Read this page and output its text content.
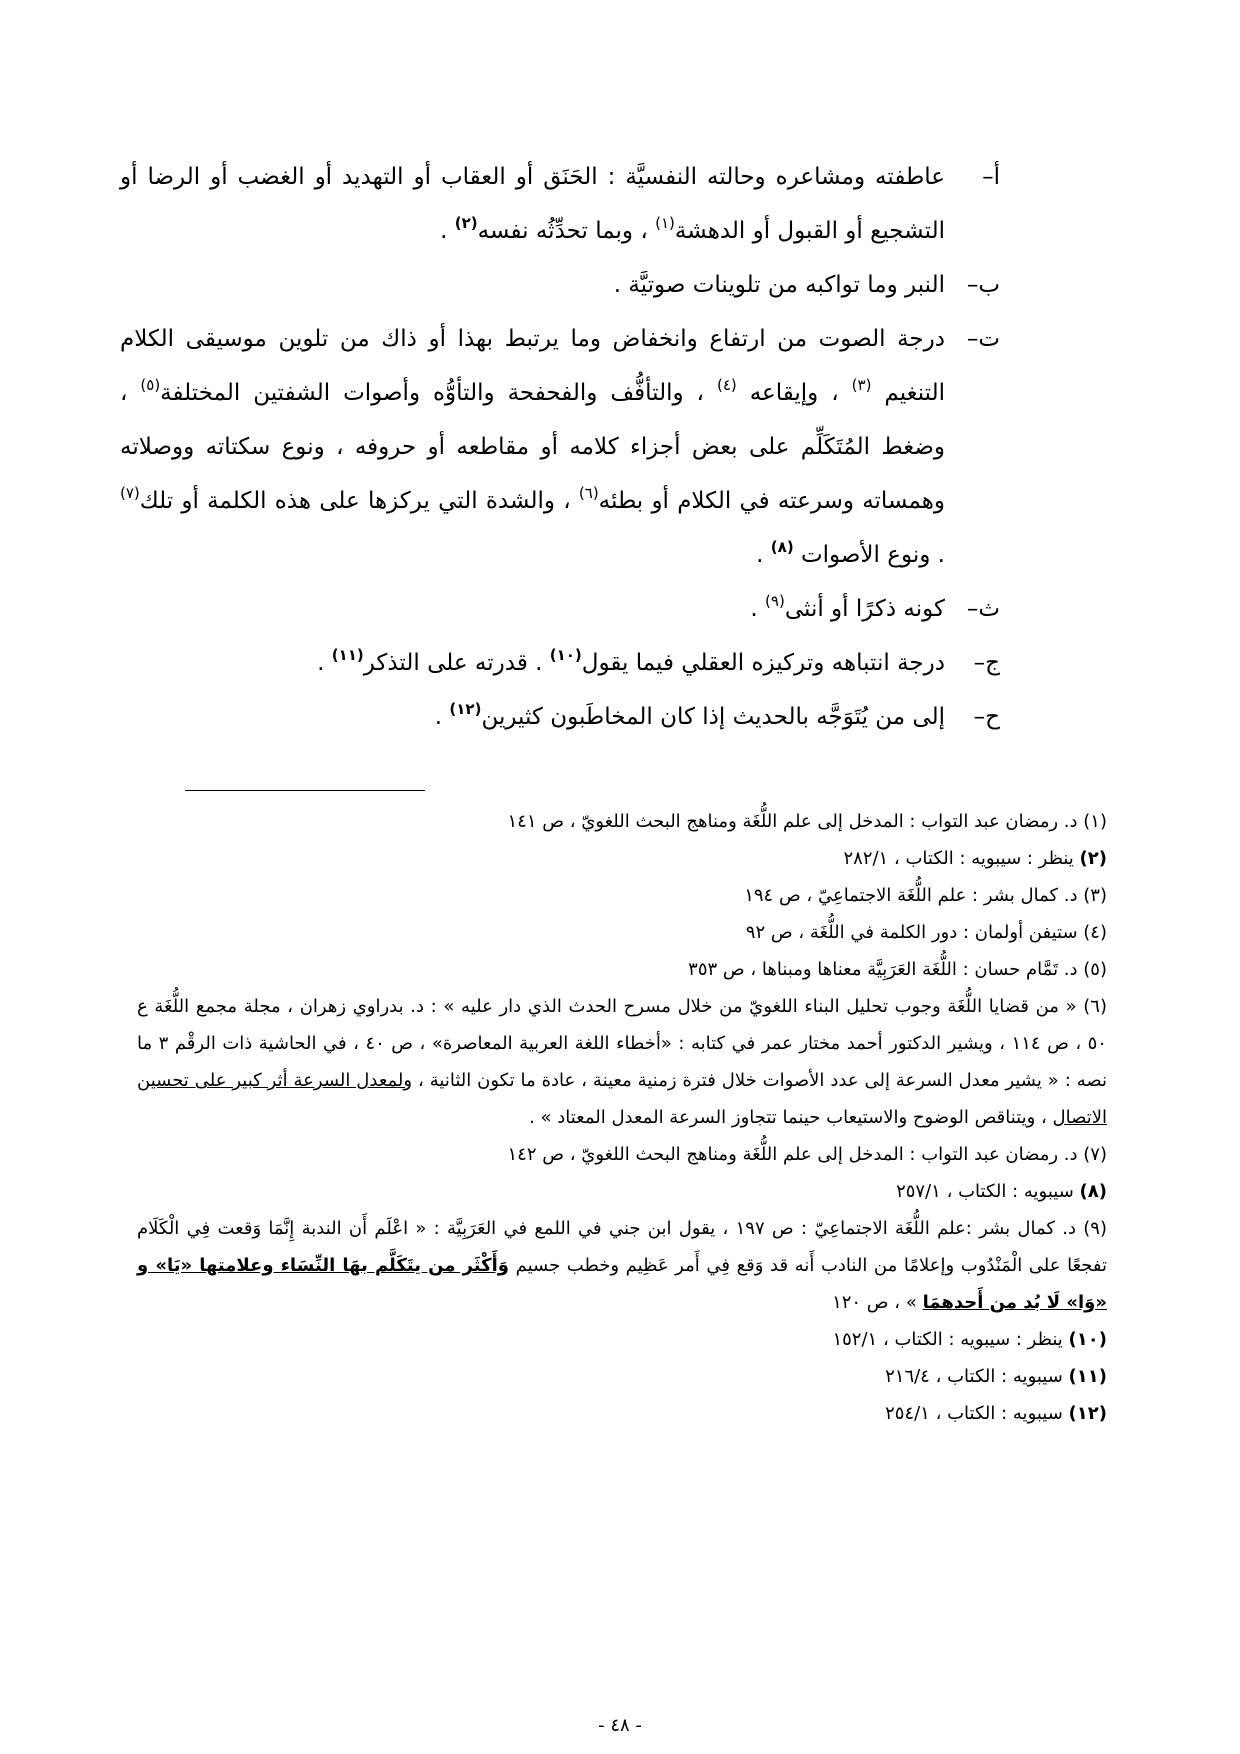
أ–
عاطفته ومشاعره وحالته النفسيَّة : الحَنَق أو العقاب أو التهديد أو الغضب أو الرضا أو التشجيع أو القبول أو الدهشة$^{(١)}$ ، وبما تحدِّثُه نفسه$^{(٢)}$ .
ب–
النبر وما تواكبه من تلوينات صوتيَّة .
ت–
درجة الصوت من ارتفاع وانخفاض وما يرتبط بهذا أو ذاك من تلوين موسيقى الكلام التنغيم $^{(٣)}$ ، وإيقاعه $^{(٤)}$ ، والتأفُّف والفحفحة والتأوُّه وأصوات الشفتين المختلفة$^{(٥)}$ ، وضغط المُتَكَلِّم على بعض أجزاء كلامه أو مقاطعه أو حروفه ، ونوع سكتاته ووصلاته وهمساته وسرعته في الكلام أو بطئه$^{(٦)}$ ، والشدة التي يركزها على هذه الكلمة أو تلك$^{(٧)}$ . ونوع الأصوات $^{(٨)}$ .
ث–
كونه ذكرًا أو أنثى$^{(٩)}$ .
ج–
درجة انتباهه وتركيزه العقلي فيما يقول$^{(١٠)}$ . قدرته على التذكر$^{(١١)}$ .
ح–
إلى من يُتَوَجَّه بالحديث إذا كان المخاطَبون كثيرين$^{(١٢)}$ .
(١) د. رمضان عبد التواب : المدخل إلى علم اللُّغَة ومناهج البحث اللغويّ ، ص ١٤١
(٢) ينظر : سيبويه : الكتاب ، ٢٨٢/١
(٣) د. كمال بشر : علم اللُّغَة الاجتماعِيّ ، ص ١٩٤
(٤) ستيفن أولمان : دور الكلمة في اللُّغَة ، ص ٩٢
(٥) د. تَمَّام حسان : اللُّغَة العَرَبِيَّة معناها ومبناها ، ص ٣٥٣
(٦) « من قضايا اللُّغَة وجوب تحليل البناء اللغويّ من خلال مسرح الحدث الذي دار عليه » : د. بدراوي زهران ، مجلة مجمع اللُّغَة ع ٥٠ ، ص ١١٤ ، ويشير الدكتور أحمد مختار عمر في كتابه : «أخطاء اللغة العربية المعاصرة» ، ص ٤٠ ، في الحاشية ذات الرقْم ٣ ما نصه : « يشير معدل السرعة إلى عدد الأصوات خلال فترة زمنية معينة ، عادة ما تكون الثانية ، ولمعدل السرعة أثر كبير على تحسين الاتصال ، ويتناقص الوضوح والاستيعاب حينما تتجاوز السرعة المعدل المعتاد » .
(٧) د. رمضان عبد التواب : المدخل إلى علم اللُّغَة ومناهج البحث اللغويّ ، ص ١٤٢
(٨) سيبويه : الكتاب ، ٢٥٧/١
(٩) د. كمال بشر :علم اللُّغَة الاجتماعِيّ : ص ١٩٧ ، يقول ابن جني في اللمع في العَرَبِيَّة : « اعْلَم أَن الندبة إِنَّمَا وَقعت فِي الْكَلَام تفجعًا على الْمَنْدُوب وإعلامًا من النادب أَنه قد وَقع فِي أَمر عَظِيم وخطب جسيم وَأَكْثَر من يتَكَلَّم بهَا النِّسَاء وعلامتها «يَا» و «وَا» لَا بُد من أَحدهمَا » ، ص ١٢٠
(١٠) ينظر : سيبويه : الكتاب ، ١٥٢/١
(١١) سيبويه : الكتاب ، ٢١٦/٤
(١٢) سيبويه : الكتاب ، ٢٥٤/١
- ٤٨ -
